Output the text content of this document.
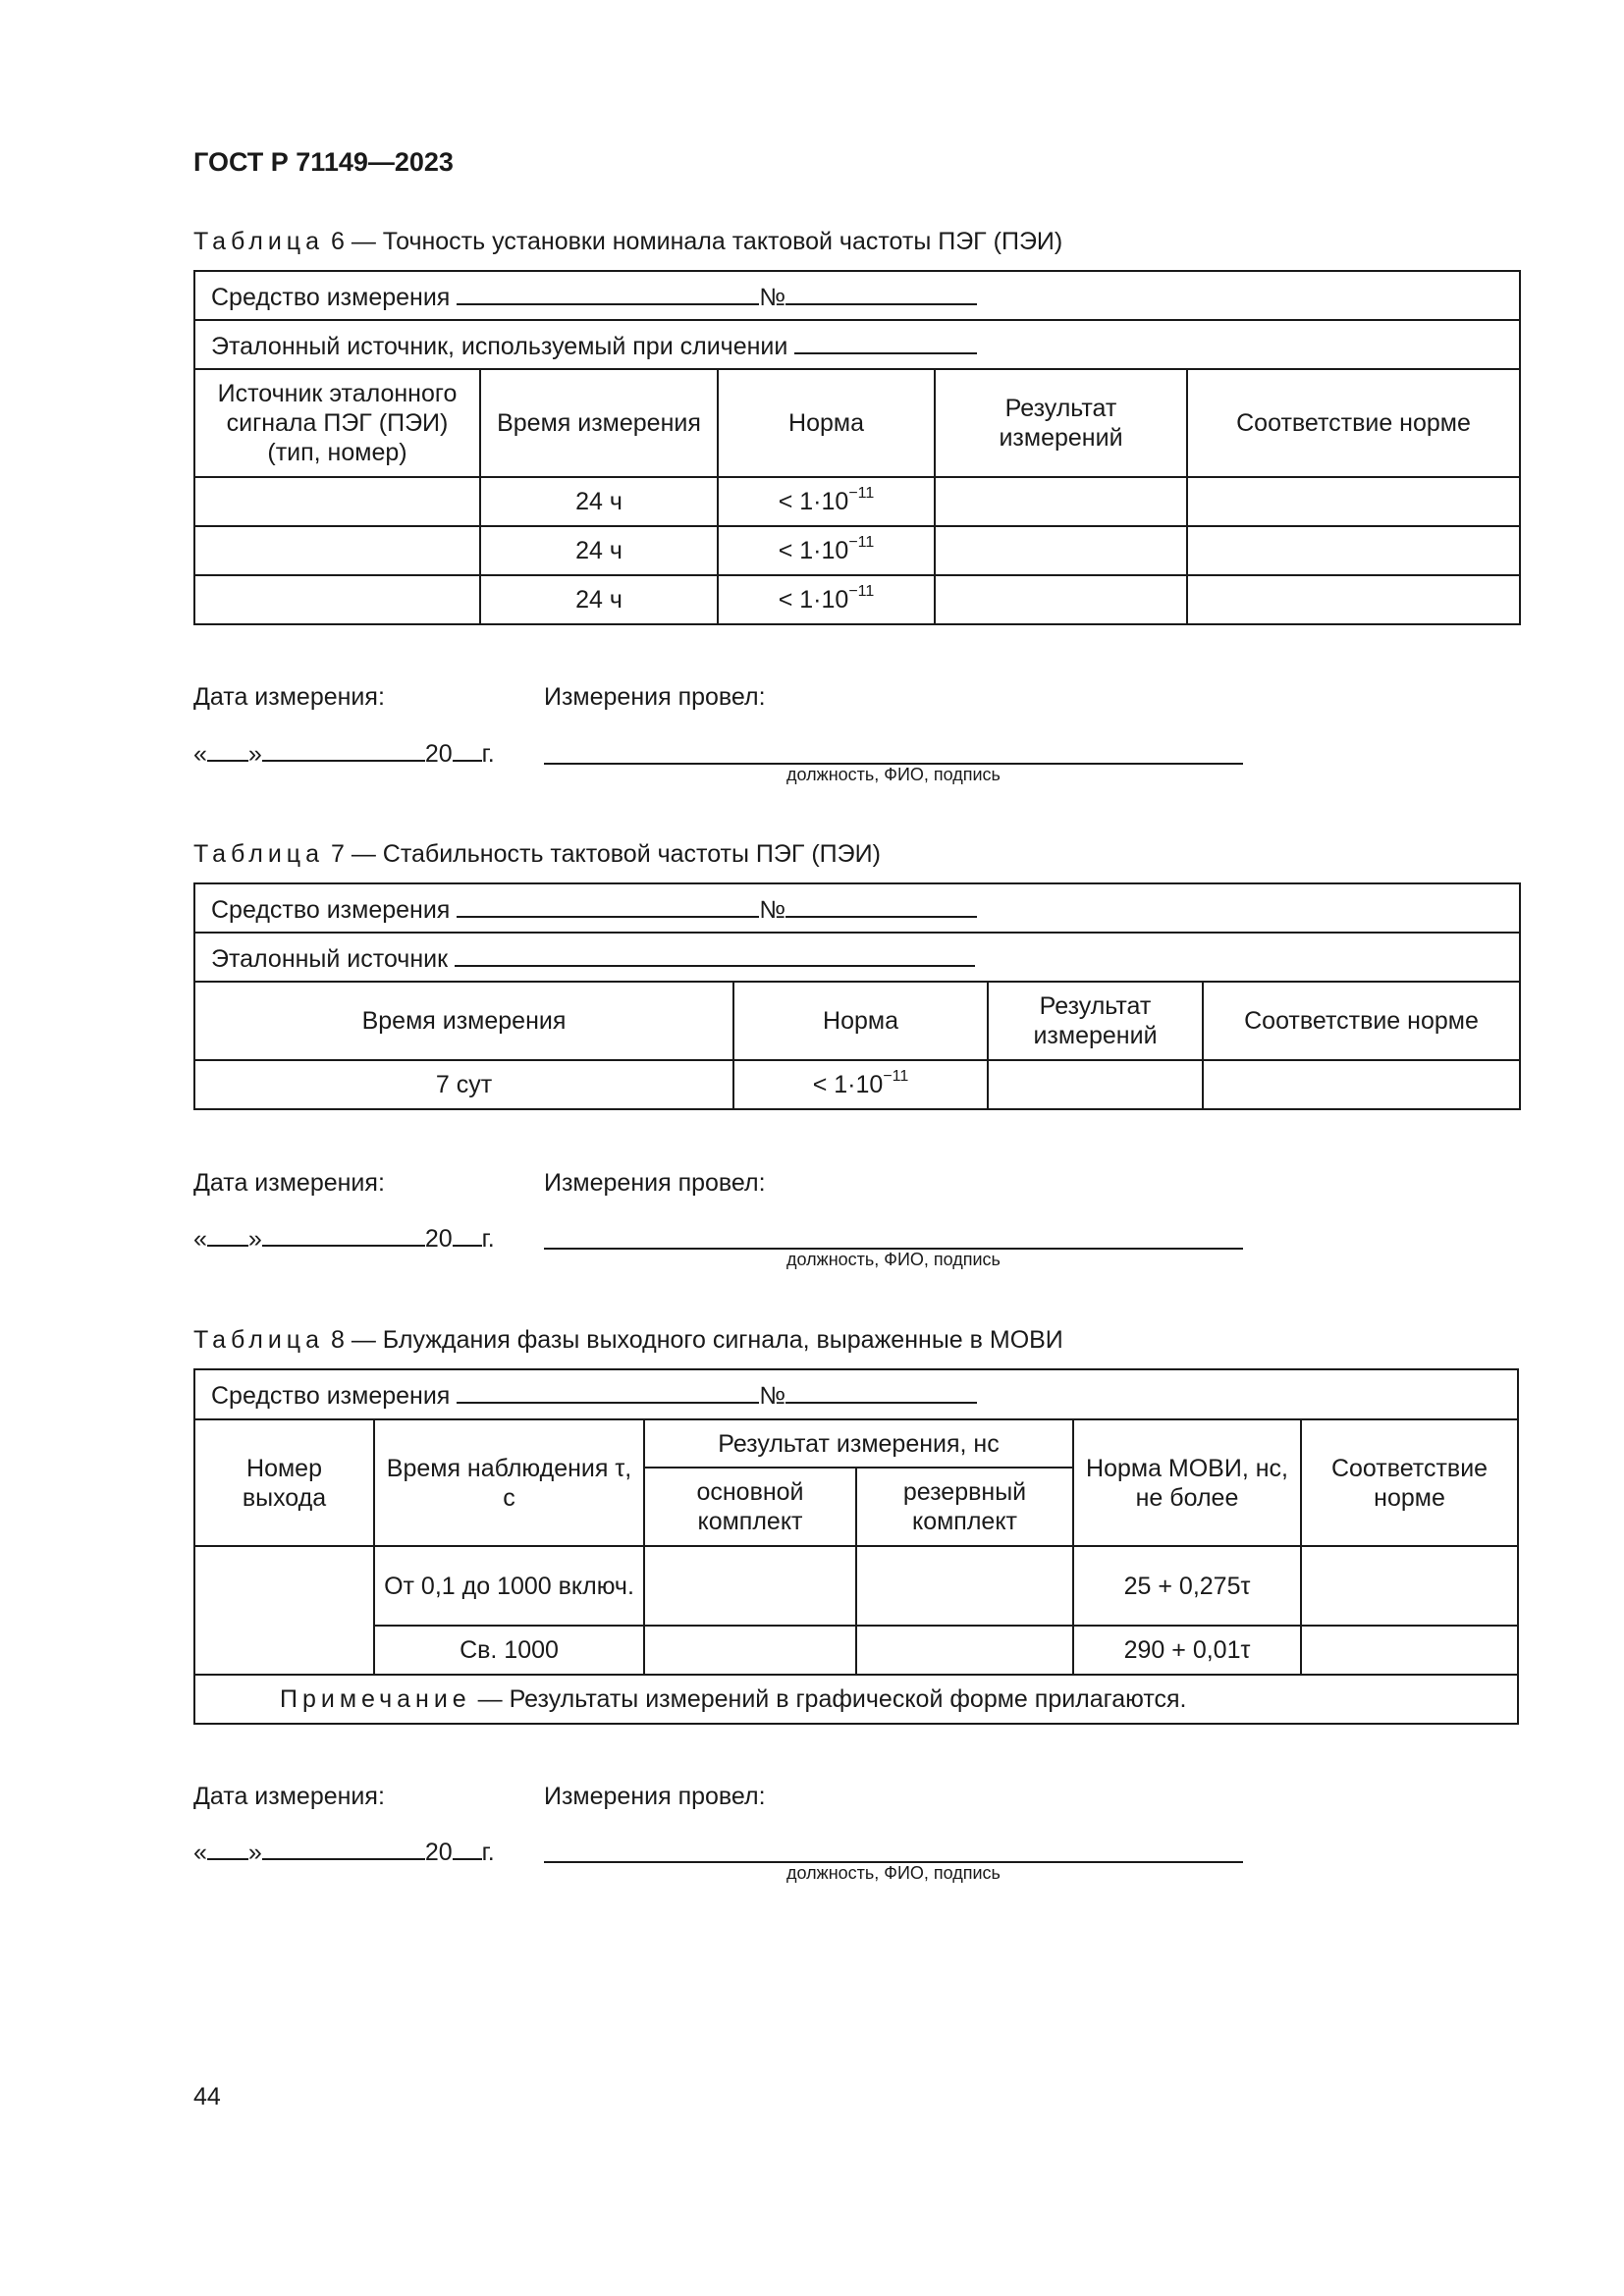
ГОСТ Р 71149—2023
Таблица 6 — Точность установки номинала тактовой частоты ПЭГ (ПЭИ)
Средство измерения №				
Эталонный источник, используемый при сличении				
Источник эталонного сигнала ПЭГ (ПЭИ) (тип, номер)	Время измерения	Норма	Результат измерений	Соответствие норме
	24 ч	< $1\cdot 10^{-11}$		
	24 ч	< $1\cdot 10^{-11}$		
	24 ч	< $1\cdot 10^{-11}$		
Дата измерения:	Измерения провел:
« »	20 г.
должность, ФИО, подпись
Таблица 7 — Стабильность тактовой частоты ПЭГ (ПЭИ)
Средство измерения №			
Эталонный источник			
Время измерения	Норма	Результат измерений	Соответствие норме
7 сут	< $1\cdot 10^{-11}$		
Дата измерения:	Измерения провел:
« »	20 г.
должность, ФИО, подпись
Таблица 8 — Блуждания фазы выходного сигнала, выраженные в МОВИ
Средство измерения №					
Номер выхода	Время наблюдения τ, с	Результат измерения, нс		Норма МОВИ, нс, не более	Соответствие норме
		основной комплект	резервный комплект		
	От 0,1 до 1000 включ.			25 + 0,275τ	
	Св. 1000			290 + 0,01τ	
Примечание — Результаты измерений в графической форме прилагаются.					
Дата измерения:	Измерения провел:
« »	20 г.
должность, ФИО, подпись
44
